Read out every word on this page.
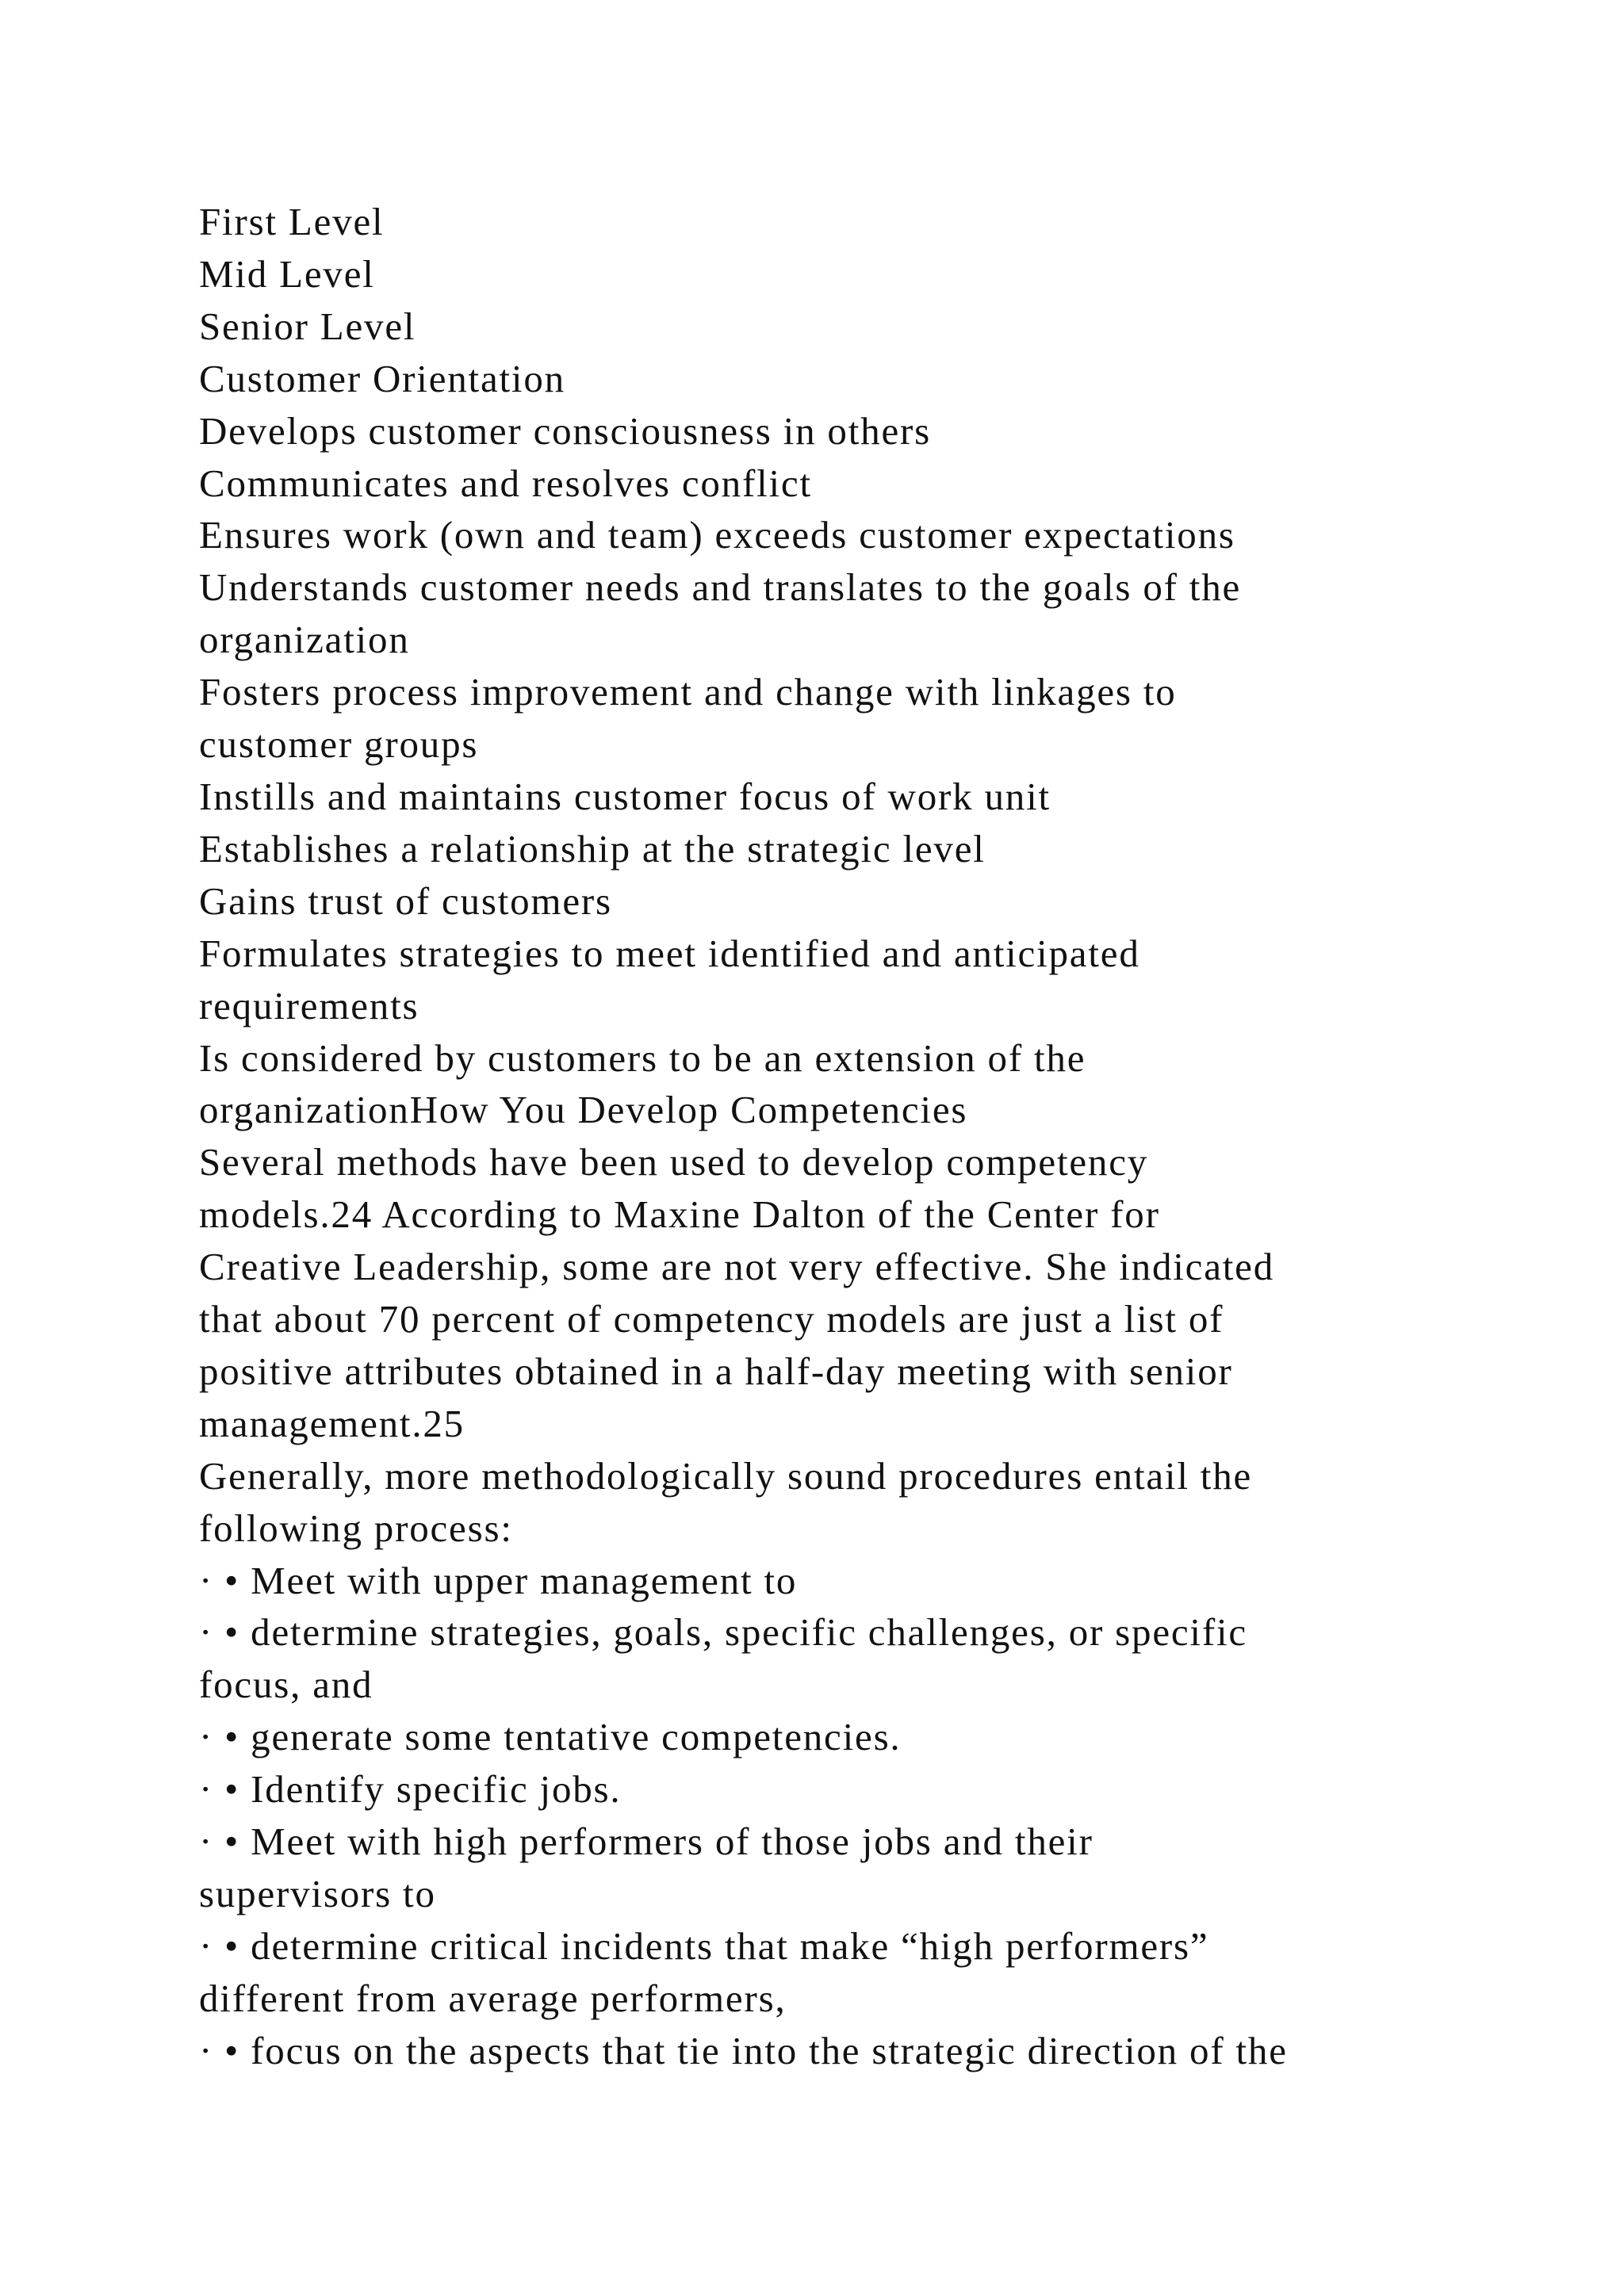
First Level
Mid Level
Senior Level
Customer Orientation
Develops customer consciousness in others
Communicates and resolves conflict
Ensures work (own and team) exceeds customer expectations
Understands customer needs and translates to the goals of the
organization
Fosters process improvement and change with linkages to
customer groups
Instills and maintains customer focus of work unit
Establishes a relationship at the strategic level
Gains trust of customers
Formulates strategies to meet identified and anticipated
requirements
Is considered by customers to be an extension of the
organizationHow You Develop Competencies
Several methods have been used to develop competency
models.24 According to Maxine Dalton of the Center for
Creative Leadership, some are not very effective. She indicated
that about 70 percent of competency models are just a list of
positive attributes obtained in a half-day meeting with senior
management.25
Generally, more methodologically sound procedures entail the
following process:
· • Meet with upper management to
· • determine strategies, goals, specific challenges, or specific
focus, and
· • generate some tentative competencies.
· • Identify specific jobs.
· • Meet with high performers of those jobs and their
supervisors to
· • determine critical incidents that make “high performers”
different from average performers,
· • focus on the aspects that tie into the strategic direction of the
